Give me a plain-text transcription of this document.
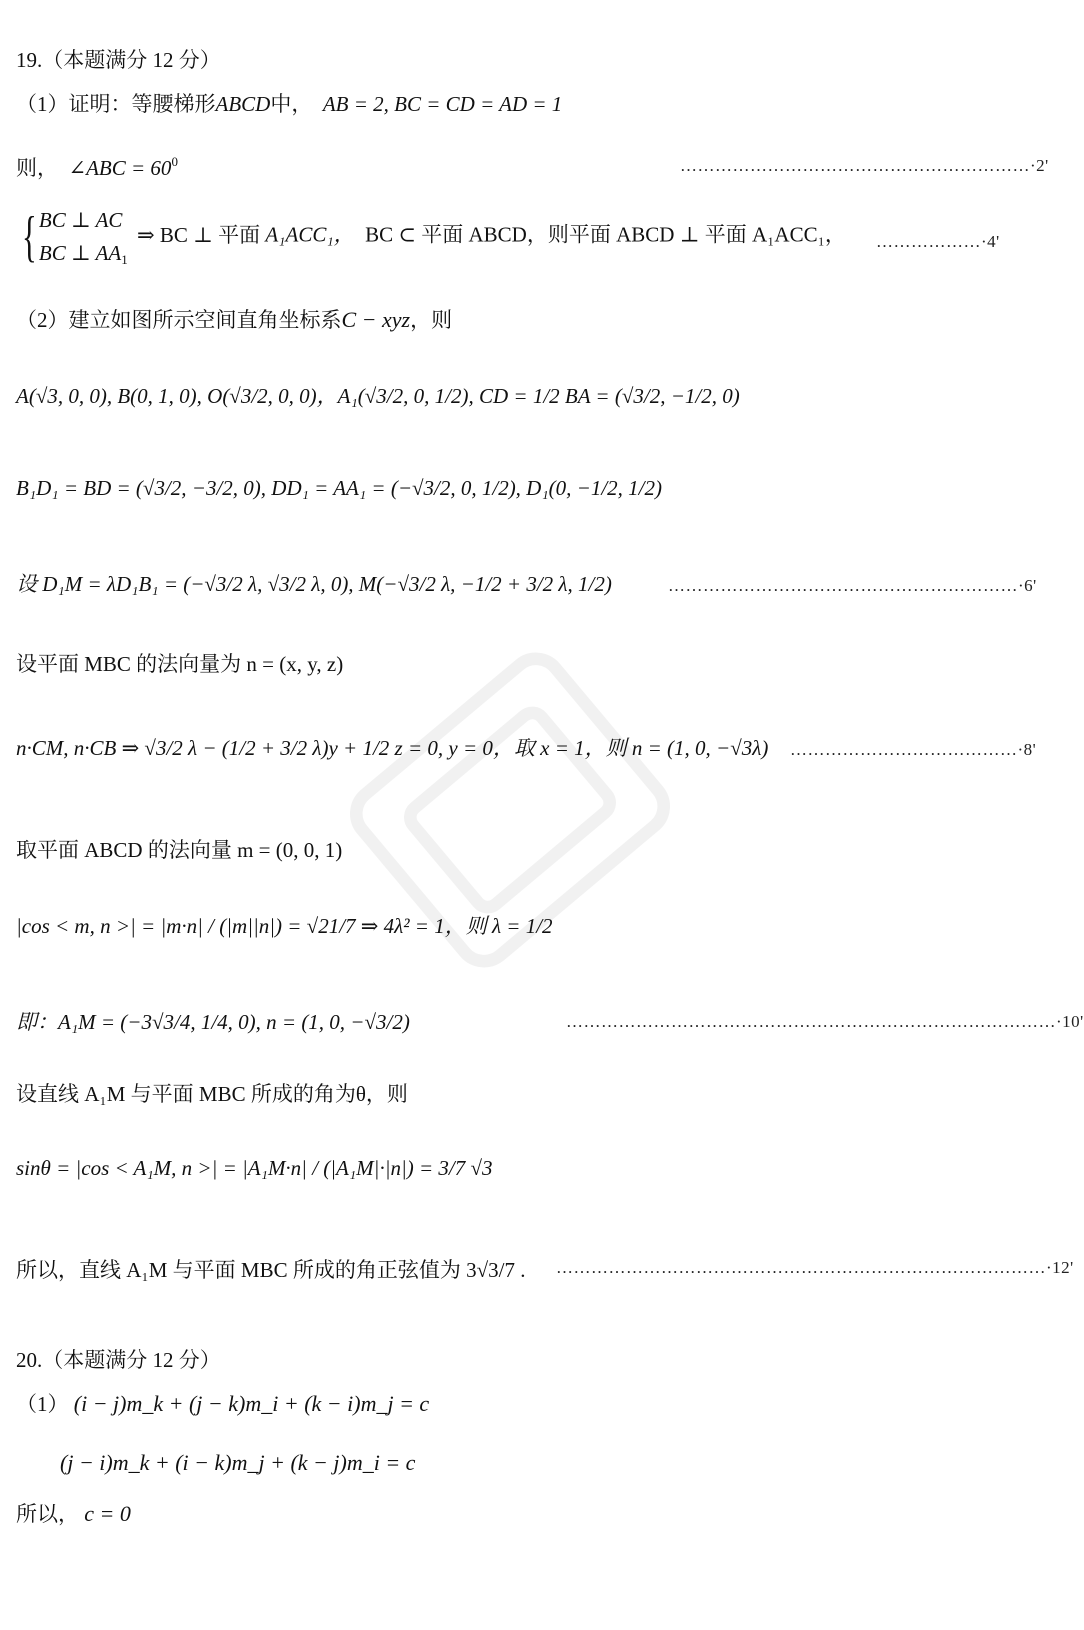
19.（本题满分 12 分）
（1）证明：等腰梯形ABCD中， AB = 2, BC = CD = AD = 1
则， ∠ABC = $60^0$	……………………………………………………·2'
{ BC ⊥ AC
BC ⊥ $AA_1$
⇒ BC ⊥ 平面 A₁ACC₁， BC ⊂ 平面 ABCD，则平面 ABCD ⊥ 平面 A₁ACC₁， ………………·4'
（2）建立如图所示空间直角坐标系C − xyz，则
A(√3, 0, 0), B(0, 1, 0), O(√3/2, 0, 0)，A₁(√3/2, 0, 1/2), CD = 1/2 BA = (√3/2, −1/2, 0)
B₁D₁ = BD = (√3/2, −3/2, 0), DD₁ = AA₁ = (−√3/2, 0, 1/2), D₁(0, −1/2, 1/2)
设 D₁M = λD₁B₁ = (−√3/2 λ, √3/2 λ, 0), M(−√3/2 λ, −1/2 + 3/2 λ, 1/2)	……………………………………………………·6'
设平面 MBC 的法向量为 n = (x, y, z)
n·CM, n·CB ⇒ √3/2 λ − (1/2 + 3/2 λ)y + 1/2 z = 0, y = 0，取 x = 1，则 n = (1, 0, −√3λ) …………………………………·8'
取平面 ABCD 的法向量 m = (0, 0, 1)
|cos < m, n >| = |m·n| / (|m||n|) = √21/7 ⇒ 4λ² = 1，则 λ = 1/2
即：A₁M = (−3√3/4, 1/4, 0), n = (1, 0, −√3/2)	…………………………………………………………………………·10'
设直线 A₁M 与平面 MBC 所成的角为θ，则
sinθ = |cos < A₁M, n >| = |A₁M·n| / (|A₁M|·|n|) = 3/7 √3
所以，直线 A₁M 与平面 MBC 所成的角正弦值为 3√3/7 . …………………………………………………………………………·12'
20.（本题满分 12 分）
（1） (i − j)m_k + (j − k)m_i + (k − i)m_j = c
(j − i)m_k + (i − k)m_j + (k − j)m_i = c
所以， c = 0
